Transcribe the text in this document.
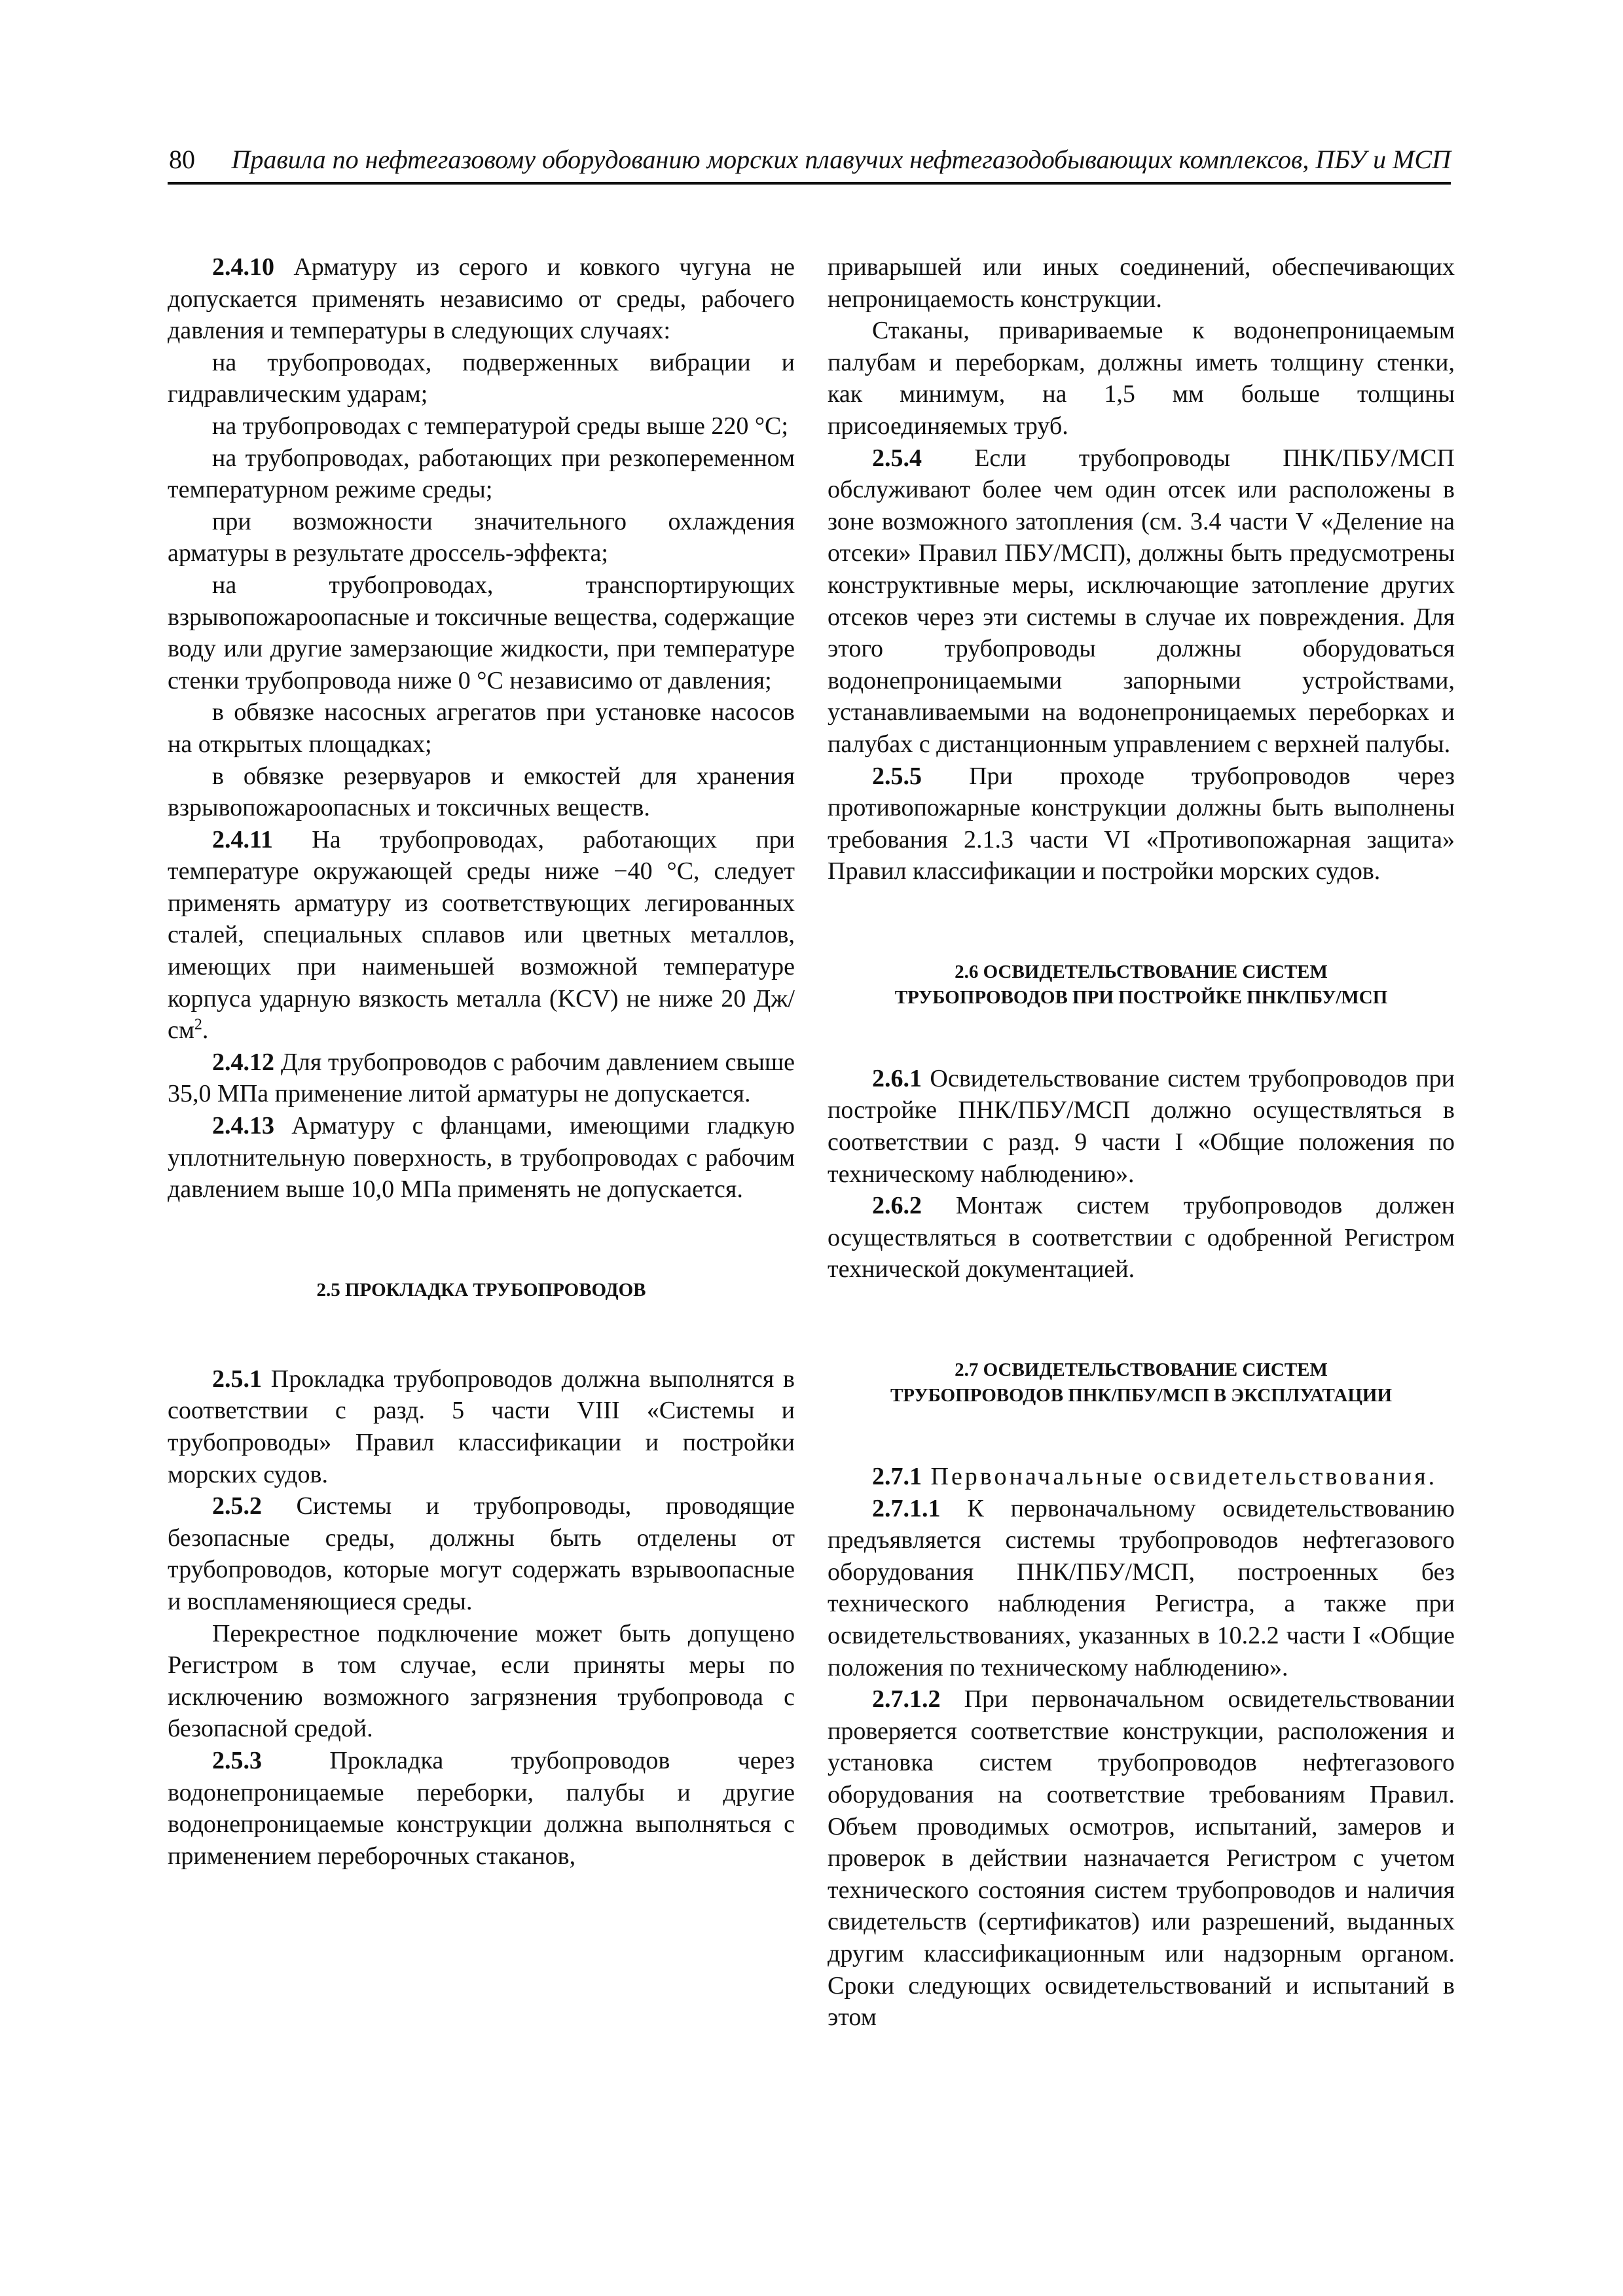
80 Правила по нефтегазовому оборудованию морских плавучих нефтегазодобывающих комплексов, ПБУ и МСП

2.4.10 Арматуру из серого и ковкого чугуна не допускается применять независимо от среды, рабочего давления и температуры в следующих случаях:

на трубопроводах, подверженных вибрации и гидравлическим ударам;

на трубопроводах с температурой среды выше 220 °С;

на трубопроводах, работающих при резкопеременном температурном режиме среды;

при возможности значительного охлаждения арматуры в результате дроссель-эффекта;

на трубопроводах, транспортирующих взрывопожароопасные и токсичные вещества, содержащие воду или другие замерзающие жидкости, при температуре стенки трубопровода ниже 0 °С независимо от давления;

в обвязке насосных агрегатов при установке насосов на открытых площадках;

в обвязке резервуаров и емкостей для хранения взрывопожароопасных и токсичных веществ.

2.4.11 На трубопроводах, работающих при температуре окружающей среды ниже −40 °С, следует применять арматуру из соответствующих легированных сталей, специальных сплавов или цветных металлов, имеющих при наименьшей возможной температуре корпуса ударную вязкость металла (KCV) не ниже 20 $Дж/см^2$.

2.4.12 Для трубопроводов с рабочим давлением свыше 35,0 МПа применение литой арматуры не допускается.

2.4.13 Арматуру с фланцами, имеющими гладкую уплотнительную поверхность, в трубопроводах с рабочим давлением выше 10,0 МПа применять не допускается.

2.5 ПРОКЛАДКА ТРУБОПРОВОДОВ

2.5.1 Прокладка трубопроводов должна выполнятся в соответствии с разд. 5 части VIII «Системы и трубопроводы» Правил классификации и постройки морских судов.

2.5.2 Системы и трубопроводы, проводящие безопасные среды, должны быть отделены от трубопроводов, которые могут содержать взрывоопасные и воспламеняющиеся среды.

Перекрестное подключение может быть допущено Регистром в том случае, если приняты меры по исключению возможного загрязнения трубопровода с безопасной средой.

2.5.3 Прокладка трубопроводов через водонепроницаемые переборки, палубы и другие водонепроницаемые конструкции должна выполняться с применением переборочных стаканов,

приварышей или иных соединений, обеспечивающих непроницаемость конструкции.

Стаканы, привариваемые к водонепроницаемым палубам и переборкам, должны иметь толщину стенки, как минимум, на 1,5 мм больше толщины присоединяемых труб.

2.5.4 Если трубопроводы ПНК/ПБУ/МСП обслуживают более чем один отсек или расположены в зоне возможного затопления (см. 3.4 части V «Деление на отсеки» Правил ПБУ/МСП), должны быть предусмотрены конструктивные меры, исключающие затопление других отсеков через эти системы в случае их повреждения. Для этого трубопроводы должны оборудоваться водонепроницаемыми запорными устройствами, устанавливаемыми на водонепроницаемых переборках и палубах с дистанционным управлением с верхней палубы.

2.5.5 При проходе трубопроводов через противопожарные конструкции должны быть выполнены требования 2.1.3 части VI «Противопожарная защита» Правил классификации и постройки морских судов.

2.6 ОСВИДЕТЕЛЬСТВОВАНИЕ СИСТЕМ
ТРУБОПРОВОДОВ ПРИ ПОСТРОЙКЕ ПНК/ПБУ/МСП

2.6.1 Освидетельствование систем трубопроводов при постройке ПНК/ПБУ/МСП должно осуществляться в соответствии с разд. 9 части I «Общие положения по техническому наблюдению».

2.6.2 Монтаж систем трубопроводов должен осуществляться в соответствии с одобренной Регистром технической документацией.

2.7 ОСВИДЕТЕЛЬСТВОВАНИЕ СИСТЕМ
ТРУБОПРОВОДОВ ПНК/ПБУ/МСП В ЭКСПЛУАТАЦИИ

2.7.1 Первоначальные освидетельствования.

2.7.1.1 К первоначальному освидетельствованию предъявляется системы трубопроводов нефтегазового оборудования ПНК/ПБУ/МСП, построенных без технического наблюдения Регистра, а также при освидетельствованиях, указанных в 10.2.2 части I «Общие положения по техническому наблюдению».

2.7.1.2 При первоначальном освидетельствовании проверяется соответствие конструкции, расположения и установка систем трубопроводов нефтегазового оборудования на соответствие требованиям Правил. Объем проводимых осмотров, испытаний, замеров и проверок в действии назначается Регистром с учетом технического состояния систем трубопроводов и наличия свидетельств (сертификатов) или разрешений, выданных другим классификационным или надзорным органом. Сроки следующих освидетельствований и испытаний в этом
